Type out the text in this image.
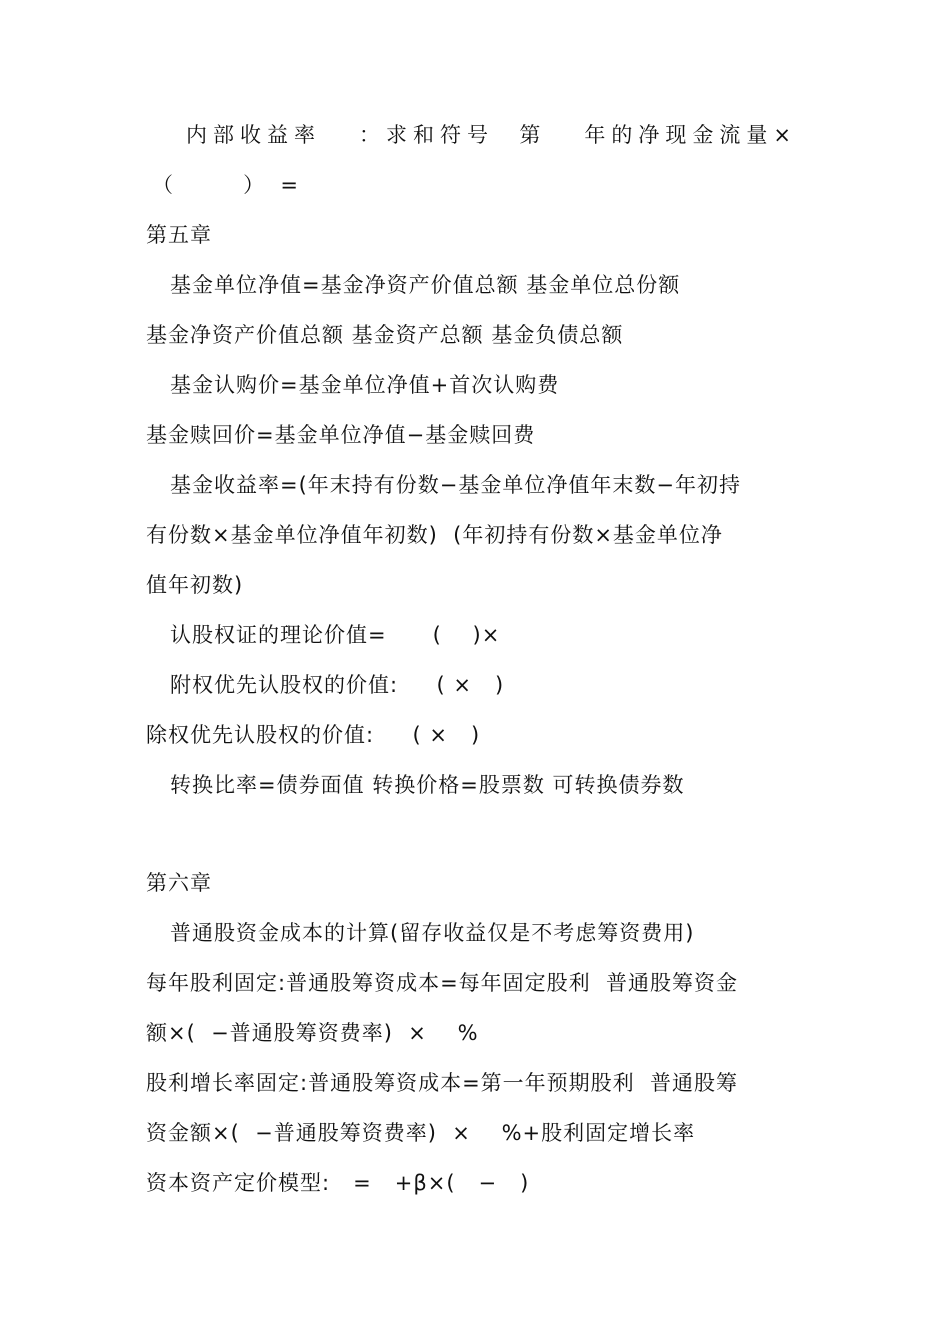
内部收益率   ：求和符号  第   年的净现金流量×
（         ）  =
第五章
基金单位净值=基金净资产价值总额 基金单位总份额
基金净资产价值总额 基金资产总额 基金负债总额
基金认购价=基金单位净值+首次认购费
基金赎回价=基金单位净值−基金赎回费
基金收益率=(年末持有份数−基金单位净值年末数−年初持
有份数×基金单位净值年初数)  (年初持有份数×基金单位净
值年初数)
认股权证的理论价值=      (    )×
附权优先认股权的价值:     ( ×   )
除权优先认股权的价值:     ( ×   )
转换比率=债券面值 转换价格=股票数 可转换债券数
第六章
普通股资金成本的计算(留存收益仅是不考虑筹资费用)
每年股利固定:普通股筹资成本=每年固定股利  普通股筹资金
额×(  −普通股筹资费率)  ×    %
股利增长率固定:普通股筹资成本=第一年预期股利  普通股筹
资金额×(  −普通股筹资费率)  ×    %+股利固定增长率
资本资产定价模型:   =   +β×(   −   )
